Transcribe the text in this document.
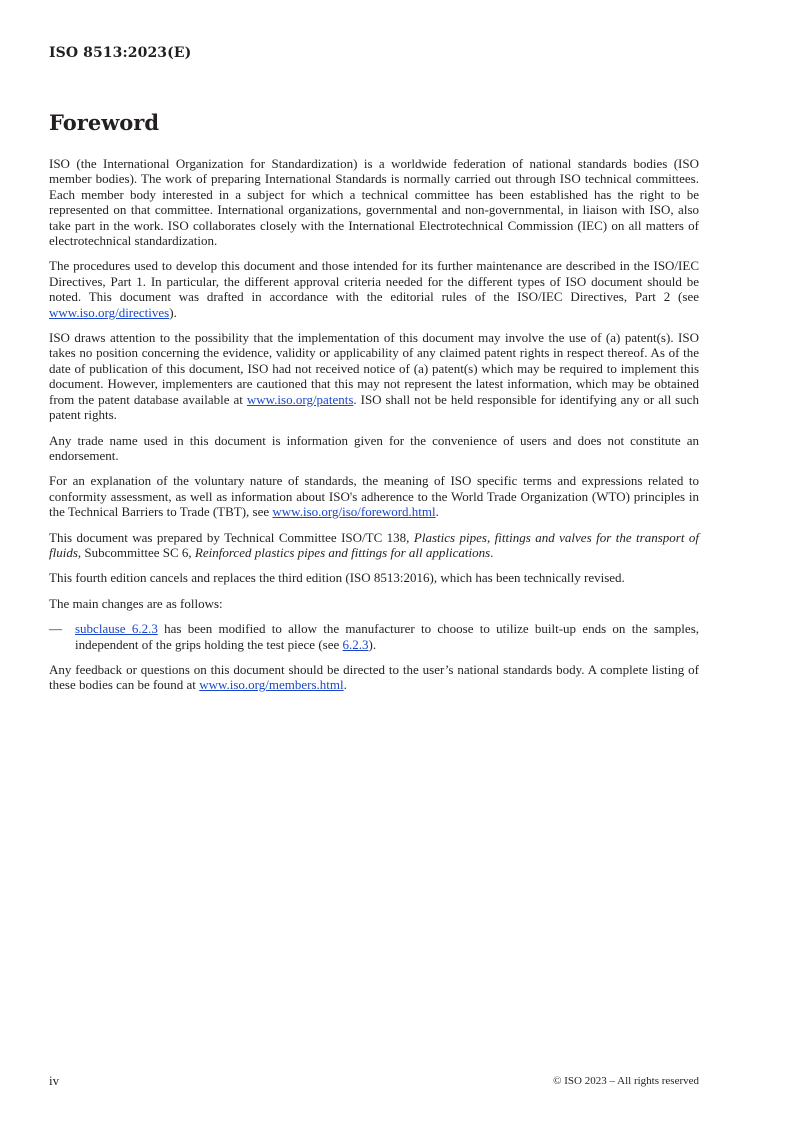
ISO 8513:2023(E)
Foreword

ISO (the International Organization for Standardization) is a worldwide federation of national standards bodies (ISO member bodies). The work of preparing International Standards is normally carried out through ISO technical committees. Each member body interested in a subject for which a technical committee has been established has the right to be represented on that committee. International organizations, governmental and non-governmental, in liaison with ISO, also take part in the work. ISO collaborates closely with the International Electrotechnical Commission (IEC) on all matters of electrotechnical standardization.

The procedures used to develop this document and those intended for its further maintenance are described in the ISO/IEC Directives, Part 1. In particular, the different approval criteria needed for the different types of ISO document should be noted. This document was drafted in accordance with the editorial rules of the ISO/IEC Directives, Part 2 (see www.iso.org/directives).

ISO draws attention to the possibility that the implementation of this document may involve the use of (a) patent(s). ISO takes no position concerning the evidence, validity or applicability of any claimed patent rights in respect thereof. As of the date of publication of this document, ISO had not received notice of (a) patent(s) which may be required to implement this document. However, implementers are cautioned that this may not represent the latest information, which may be obtained from the patent database available at www.iso.org/patents. ISO shall not be held responsible for identifying any or all such patent rights.

Any trade name used in this document is information given for the convenience of users and does not constitute an endorsement.

For an explanation of the voluntary nature of standards, the meaning of ISO specific terms and expressions related to conformity assessment, as well as information about ISO's adherence to the World Trade Organization (WTO) principles in the Technical Barriers to Trade (TBT), see www.iso.org/iso/foreword.html.

This document was prepared by Technical Committee ISO/TC 138, Plastics pipes, fittings and valves for the transport of fluids, Subcommittee SC 6, Reinforced plastics pipes and fittings for all applications.

This fourth edition cancels and replaces the third edition (ISO 8513:2016), which has been technically revised.

The main changes are as follows:

—	subclause 6.2.3 has been modified to allow the manufacturer to choose to utilize built-up ends on the samples, independent of the grips holding the test piece (see 6.2.3).

Any feedback or questions on this document should be directed to the user’s national standards body. A complete listing of these bodies can be found at www.iso.org/members.html.

iv	© ISO 2023 – All rights reserved
